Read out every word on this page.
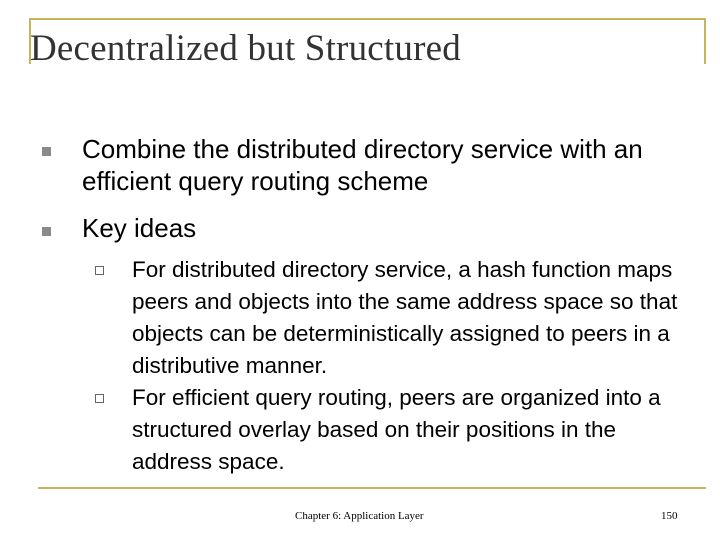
Decentralized but Structured
Combine the distributed directory service with an efficient query routing scheme
Key ideas
For distributed directory service, a hash function maps peers and objects into the same address space so that objects can be deterministically assigned to peers in a distributive manner.
For efficient query routing, peers are organized into a structured overlay based on their positions in the address space.
Chapter 6: Application Layer	150
